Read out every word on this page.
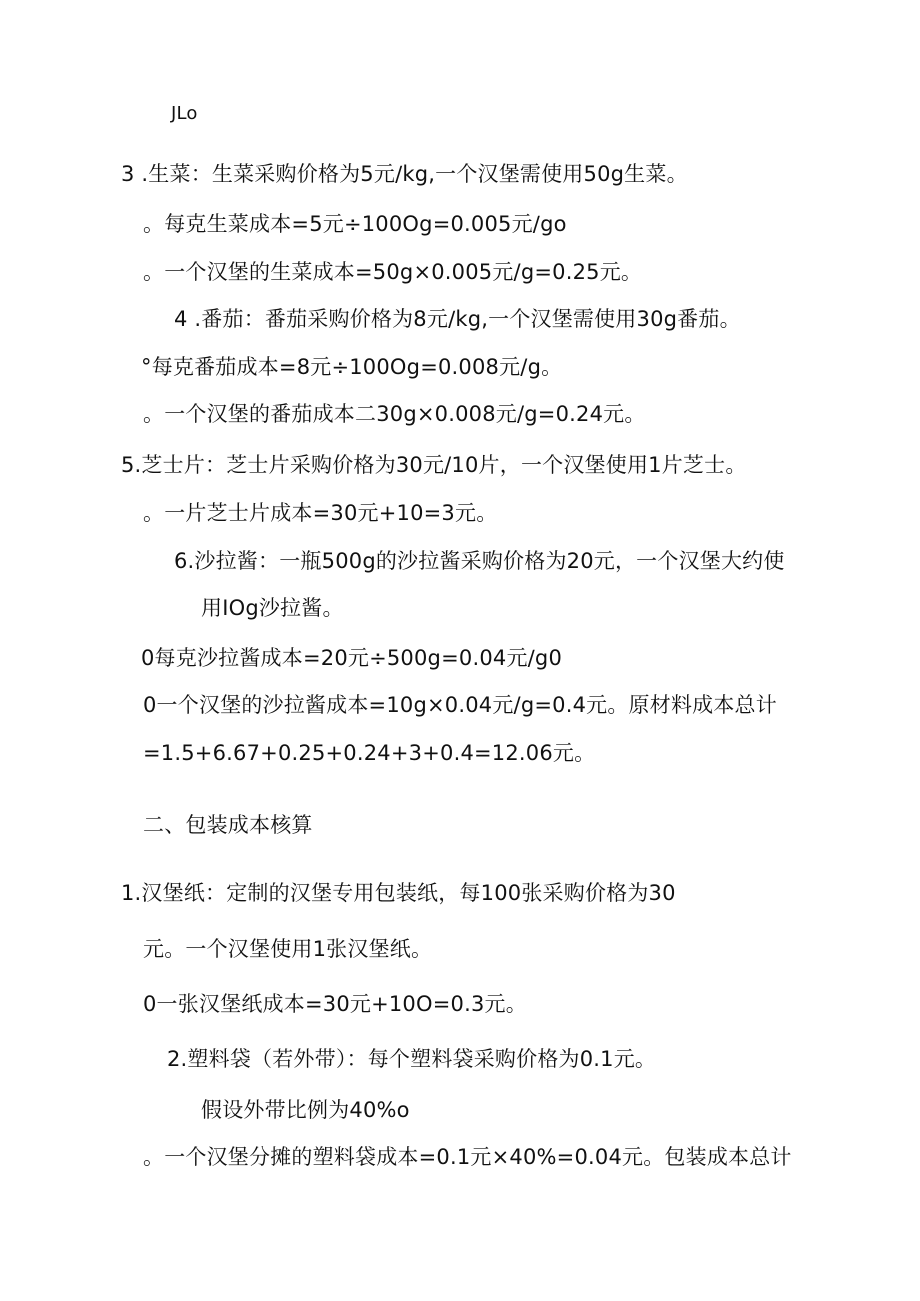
JLo
3 .生菜：生菜采购价格为5元∕kg,一个汉堡需使用50g生菜。
。每克生菜成本=5元÷100Og=0.005元∕go
。一个汉堡的生菜成本=50g×0.005元/g=0.25元。
4 .番茄：番茄采购价格为8元∕kg,一个汉堡需使用30g番茄。
°每克番茄成本=8元÷100Og=0.008元/g。
。一个汉堡的番茄成本二30g×0.008元/g=0.24元。
5.芝士片：芝士片采购价格为30元/10片，一个汉堡使用1片芝士。
。一片芝士片成本=30元+10=3元。
6.沙拉酱：一瓶500g的沙拉酱采购价格为20元，一个汉堡大约使
用IOg沙拉酱。
0每克沙拉酱成本=20元÷500g=0.04元∕g0
0一个汉堡的沙拉酱成本=10g×0.04元/g=0.4元。原材料成本总计
=1.5+6.67+0.25+0.24+3+0.4=12.06元。
二、包装成本核算
1.汉堡纸：定制的汉堡专用包装纸，每100张采购价格为30
元。一个汉堡使用1张汉堡纸。
0一张汉堡纸成本=30元+10O=0.3元。
2.塑料袋（若外带）：每个塑料袋采购价格为0.1元。
假设外带比例为40%o
。一个汉堡分摊的塑料袋成本=0.1元×40%=0.04元。包装成本总计
